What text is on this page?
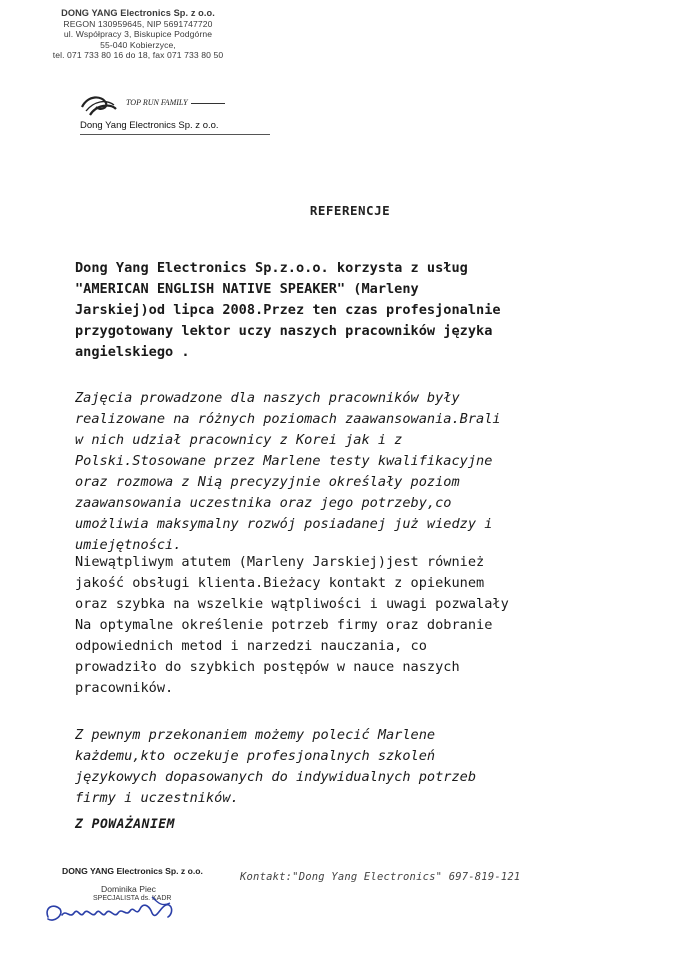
DONG YANG Electronics Sp. z o.o.
REGON 130959645, NIP 5691747720
ul. Współpracy 3, Biskupice Podgórne
55-040 Kobierzyce,
tel. 071 733 80 16 do 18, fax 071 733 80 50
TOP RUN FAMILY
Dong Yang Electronics Sp. z o.o.
REFERENCJE
Dong Yang Electronics Sp.z.o.o. korzysta z usług
"AMERICAN ENGLISH NATIVE SPEAKER" (Marleny
Jarskiej)od lipca 2008.Przez ten czas profesjonalnie
przygotowany lektor uczy naszych pracowników języka
angielskiego .
Zajęcia prowadzone dla naszych pracowników były
realizowane na różnych poziomach zaawansowania.Brali
w nich udział pracownicy z Korei jak i z
Polski.Stosowane przez Marlene testy kwalifikacyjne
oraz rozmowa z Nią precyzyjnie określały poziom
zaawansowania uczestnika oraz jego potrzeby,co
umożliwia maksymalny rozwój posiadanej już wiedzy i
umiejętności.
Niewątpliwym atutem (Marleny Jarskiej)jest również
jakość obsługi klienta.Bieżacy kontakt z opiekunem
oraz szybka na wszelkie wątpliwości i uwagi pozwalały
Na optymalne określenie potrzeb firmy oraz dobranie
odpowiednich metod i narzedzi nauczania, co
prowadziło do szybkich postępów w nauce naszych
pracowników.
Z pewnym przekonaniem możemy polecić Marlene
każdemu,kto oczekuje profesjonalnych szkoleń
językowych dopasowanych do indywidualnych potrzeb
firmy i uczestników.
Z POWAŻANIEM
DONG YANG Electronics Sp. z o.o.
Dominika Piec
SPECJALISTA ds. KADR
Kontakt:"Dong Yang Electronics" 697-819-121
